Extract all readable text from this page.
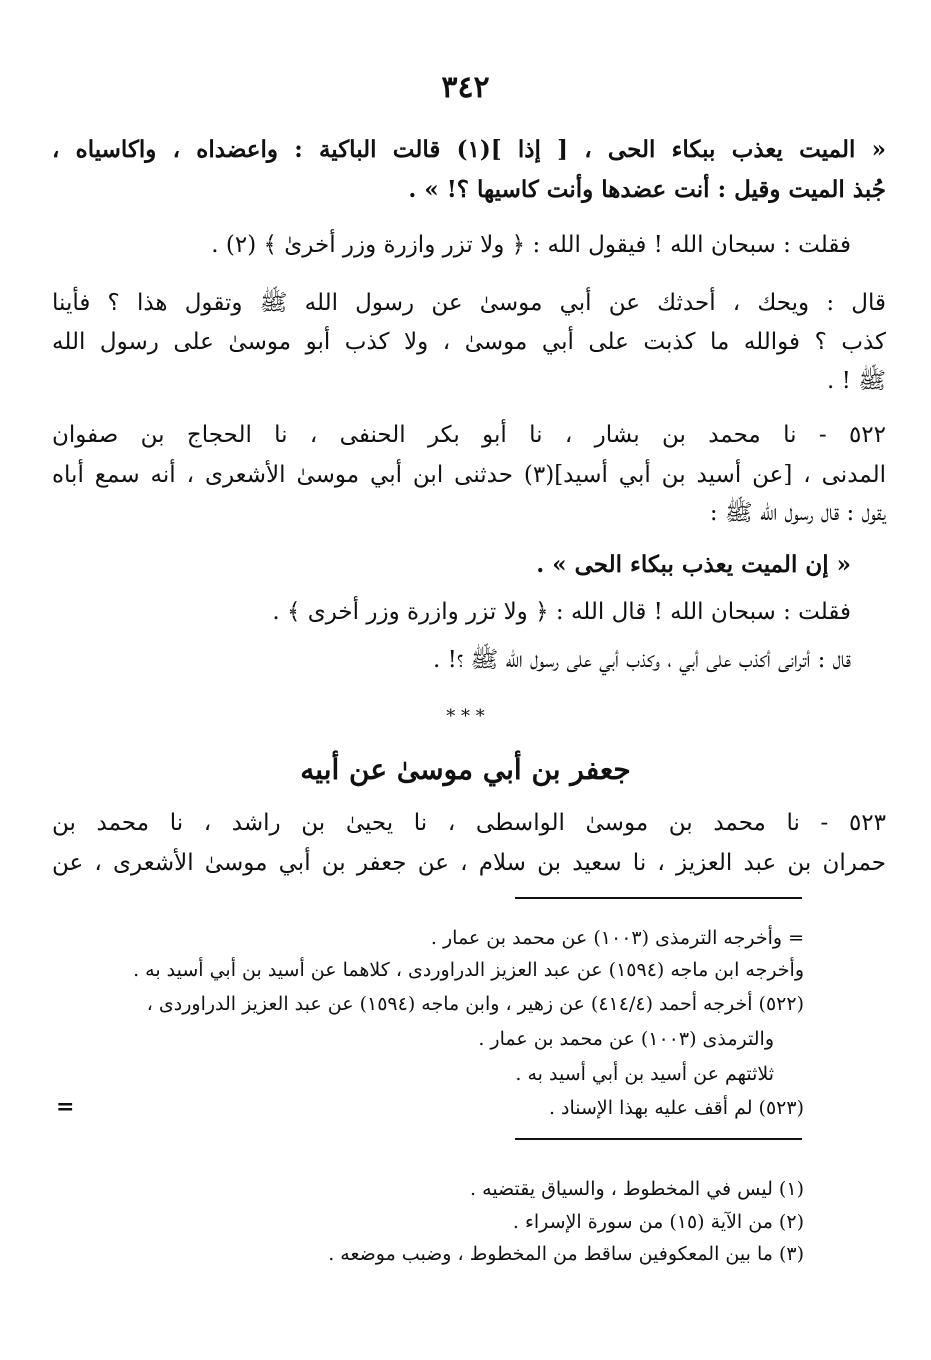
٣٤٢
« الميت يعذب ببكاء الحى ، [ إذا ](١) قالت الباكية : واعضداه ، واكاسياه ،
جُبذ الميت وقيل : أنت عضدها وأنت كاسيها ؟! » .
فقلت : سبحان الله ! فيقول الله : ﴿ ولا تزر وازرة وزر أخرىٰ ﴾ (٢) .
قال : ويحك ، أحدثك عن أبي موسىٰ عن رسول الله ﷺ وتقول هذا ؟ فأينا
كذب ؟ فوالله ما كذبت على أبي موسىٰ ، ولا كذب أبو موسىٰ على رسول الله
ﷺ ! .
٥٢٢ - نا محمد بن بشار ، نا أبو بكر الحنفى ، نا الحجاج بن صفوان
المدنى ، [عن أسيد بن أبي أسيد](٣) حدثنى ابن أبي موسىٰ الأشعرى ، أنه سمع أباه
يقول : قال رسول الله ﷺ :
« إن الميت يعذب ببكاء الحى » .
فقلت : سبحان الله ! قال الله : ﴿ ولا تزر وازرة وزر أخرى ﴾ .
قال : أترانى أكذب على أبي ، وكذب أبي على رسول الله ﷺ ؟! .
* * *
جعفر بن أبي موسىٰ عن أبيه
٥٢٣ - نا محمد بن موسىٰ الواسطى ، نا يحيىٰ بن راشد ، نا محمد بن
حمران بن عبد العزيز ، نا سعيد بن سلام ، عن جعفر بن أبي موسىٰ الأشعرى ، عن
= وأخرجه الترمذى (١٠٠٣) عن محمد بن عمار .
وأخرجه ابن ماجه (١٥٩٤) عن عبد العزيز الدراوردى ، كلاهما عن أسيد بن أبي أسيد به .
(٥٢٢) أخرجه أحمد (٤١٤/٤) عن زهير ، وابن ماجه (١٥٩٤) عن عبد العزيز الدراوردى ،
والترمذى (١٠٠٣) عن محمد بن عمار .
ثلاثتهم عن أسيد بن أبي أسيد به .
(٥٢٣) لم أقف عليه بهذا الإسناد .
=
(١) ليس في المخطوط ، والسياق يقتضيه .
(٢) من الآية (١٥) من سورة الإسراء .
(٣) ما بين المعكوفين ساقط من المخطوط ، وضبب موضعه .
